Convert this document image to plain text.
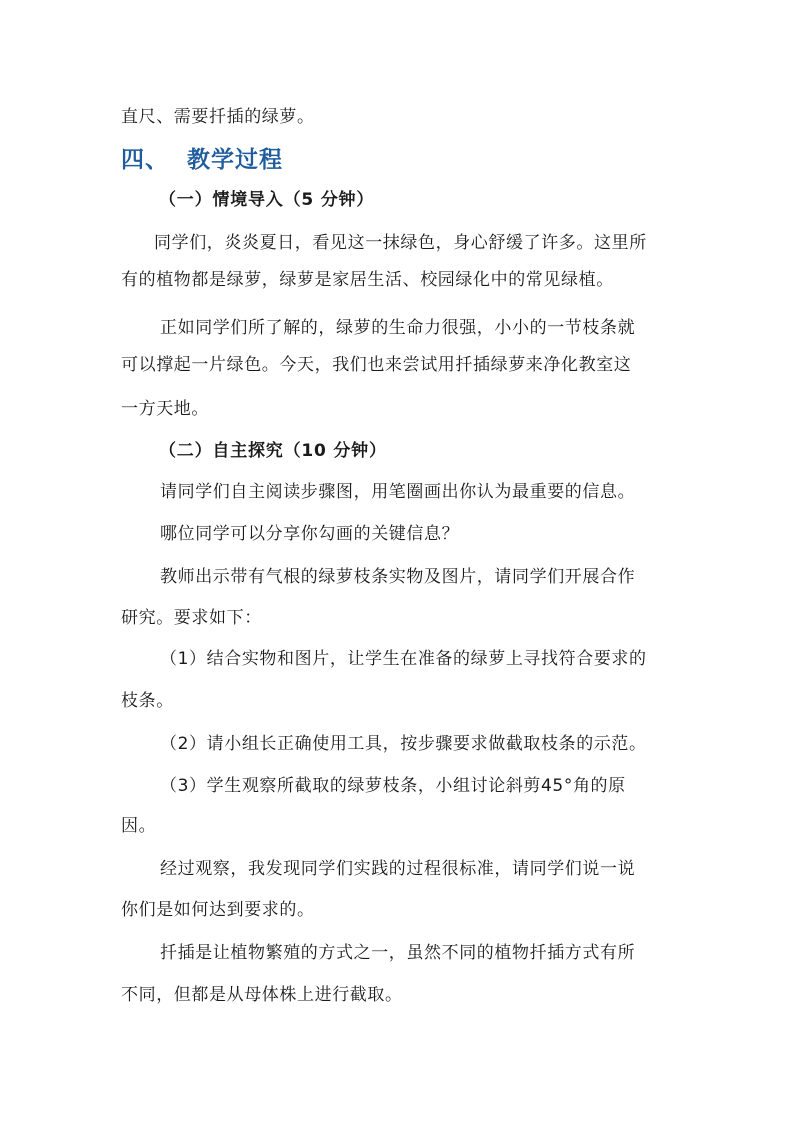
直尺、需要扦插的绿萝。
四、 教学过程
（一）情境导入（5 分钟）
同学们，炎炎夏日，看见这一抹绿色，身心舒缓了许多。这里所
有的植物都是绿萝，绿萝是家居生活、校园绿化中的常见绿植。
正如同学们所了解的，绿萝的生命力很强，小小的一节枝条就
可以撑起一片绿色。今天，我们也来尝试用扦插绿萝来净化教室这
一方天地。
（二）自主探究（10 分钟）
请同学们自主阅读步骤图，用笔圈画出你认为最重要的信息。
哪位同学可以分享你勾画的关键信息？
教师出示带有气根的绿萝枝条实物及图片，请同学们开展合作
研究。要求如下：
（1）结合实物和图片，让学生在准备的绿萝上寻找符合要求的
枝条。
（2）请小组长正确使用工具，按步骤要求做截取枝条的示范。
（3）学生观察所截取的绿萝枝条，小组讨论斜剪45°角的原
因。
经过观察，我发现同学们实践的过程很标准，请同学们说一说
你们是如何达到要求的。
扦插是让植物繁殖的方式之一，虽然不同的植物扦插方式有所
不同，但都是从母体株上进行截取。
